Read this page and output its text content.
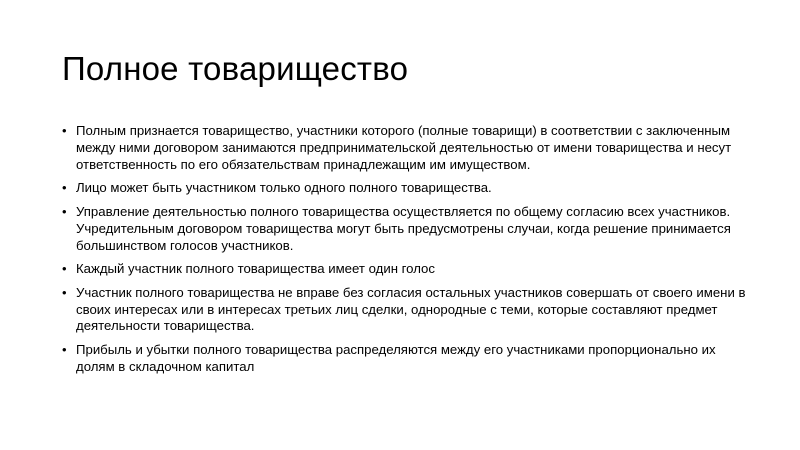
Полное товарищество
• Полным признается товарищество, участники которого (полные товарищи) в соответствии с заключенным между ними договором занимаются предпринимательской деятельностью от имени товарищества и несут ответственность по его обязательствам принадлежащим им имуществом.
• Лицо может быть участником только одного полного товарищества.
• Управление деятельностью полного товарищества осуществляется по общему согласию всех участников. Учредительным договором товарищества могут быть предусмотрены случаи, когда решение принимается большинством голосов участников.
• Каждый участник полного товарищества имеет один голос
• Участник полного товарищества не вправе без согласия остальных участников совершать от своего имени в своих интересах или в интересах третьих лиц сделки, однородные с теми, которые составляют предмет деятельности товарищества.
• Прибыль и убытки полного товарищества распределяются между его участниками пропорционально их долям в складочном капитал
